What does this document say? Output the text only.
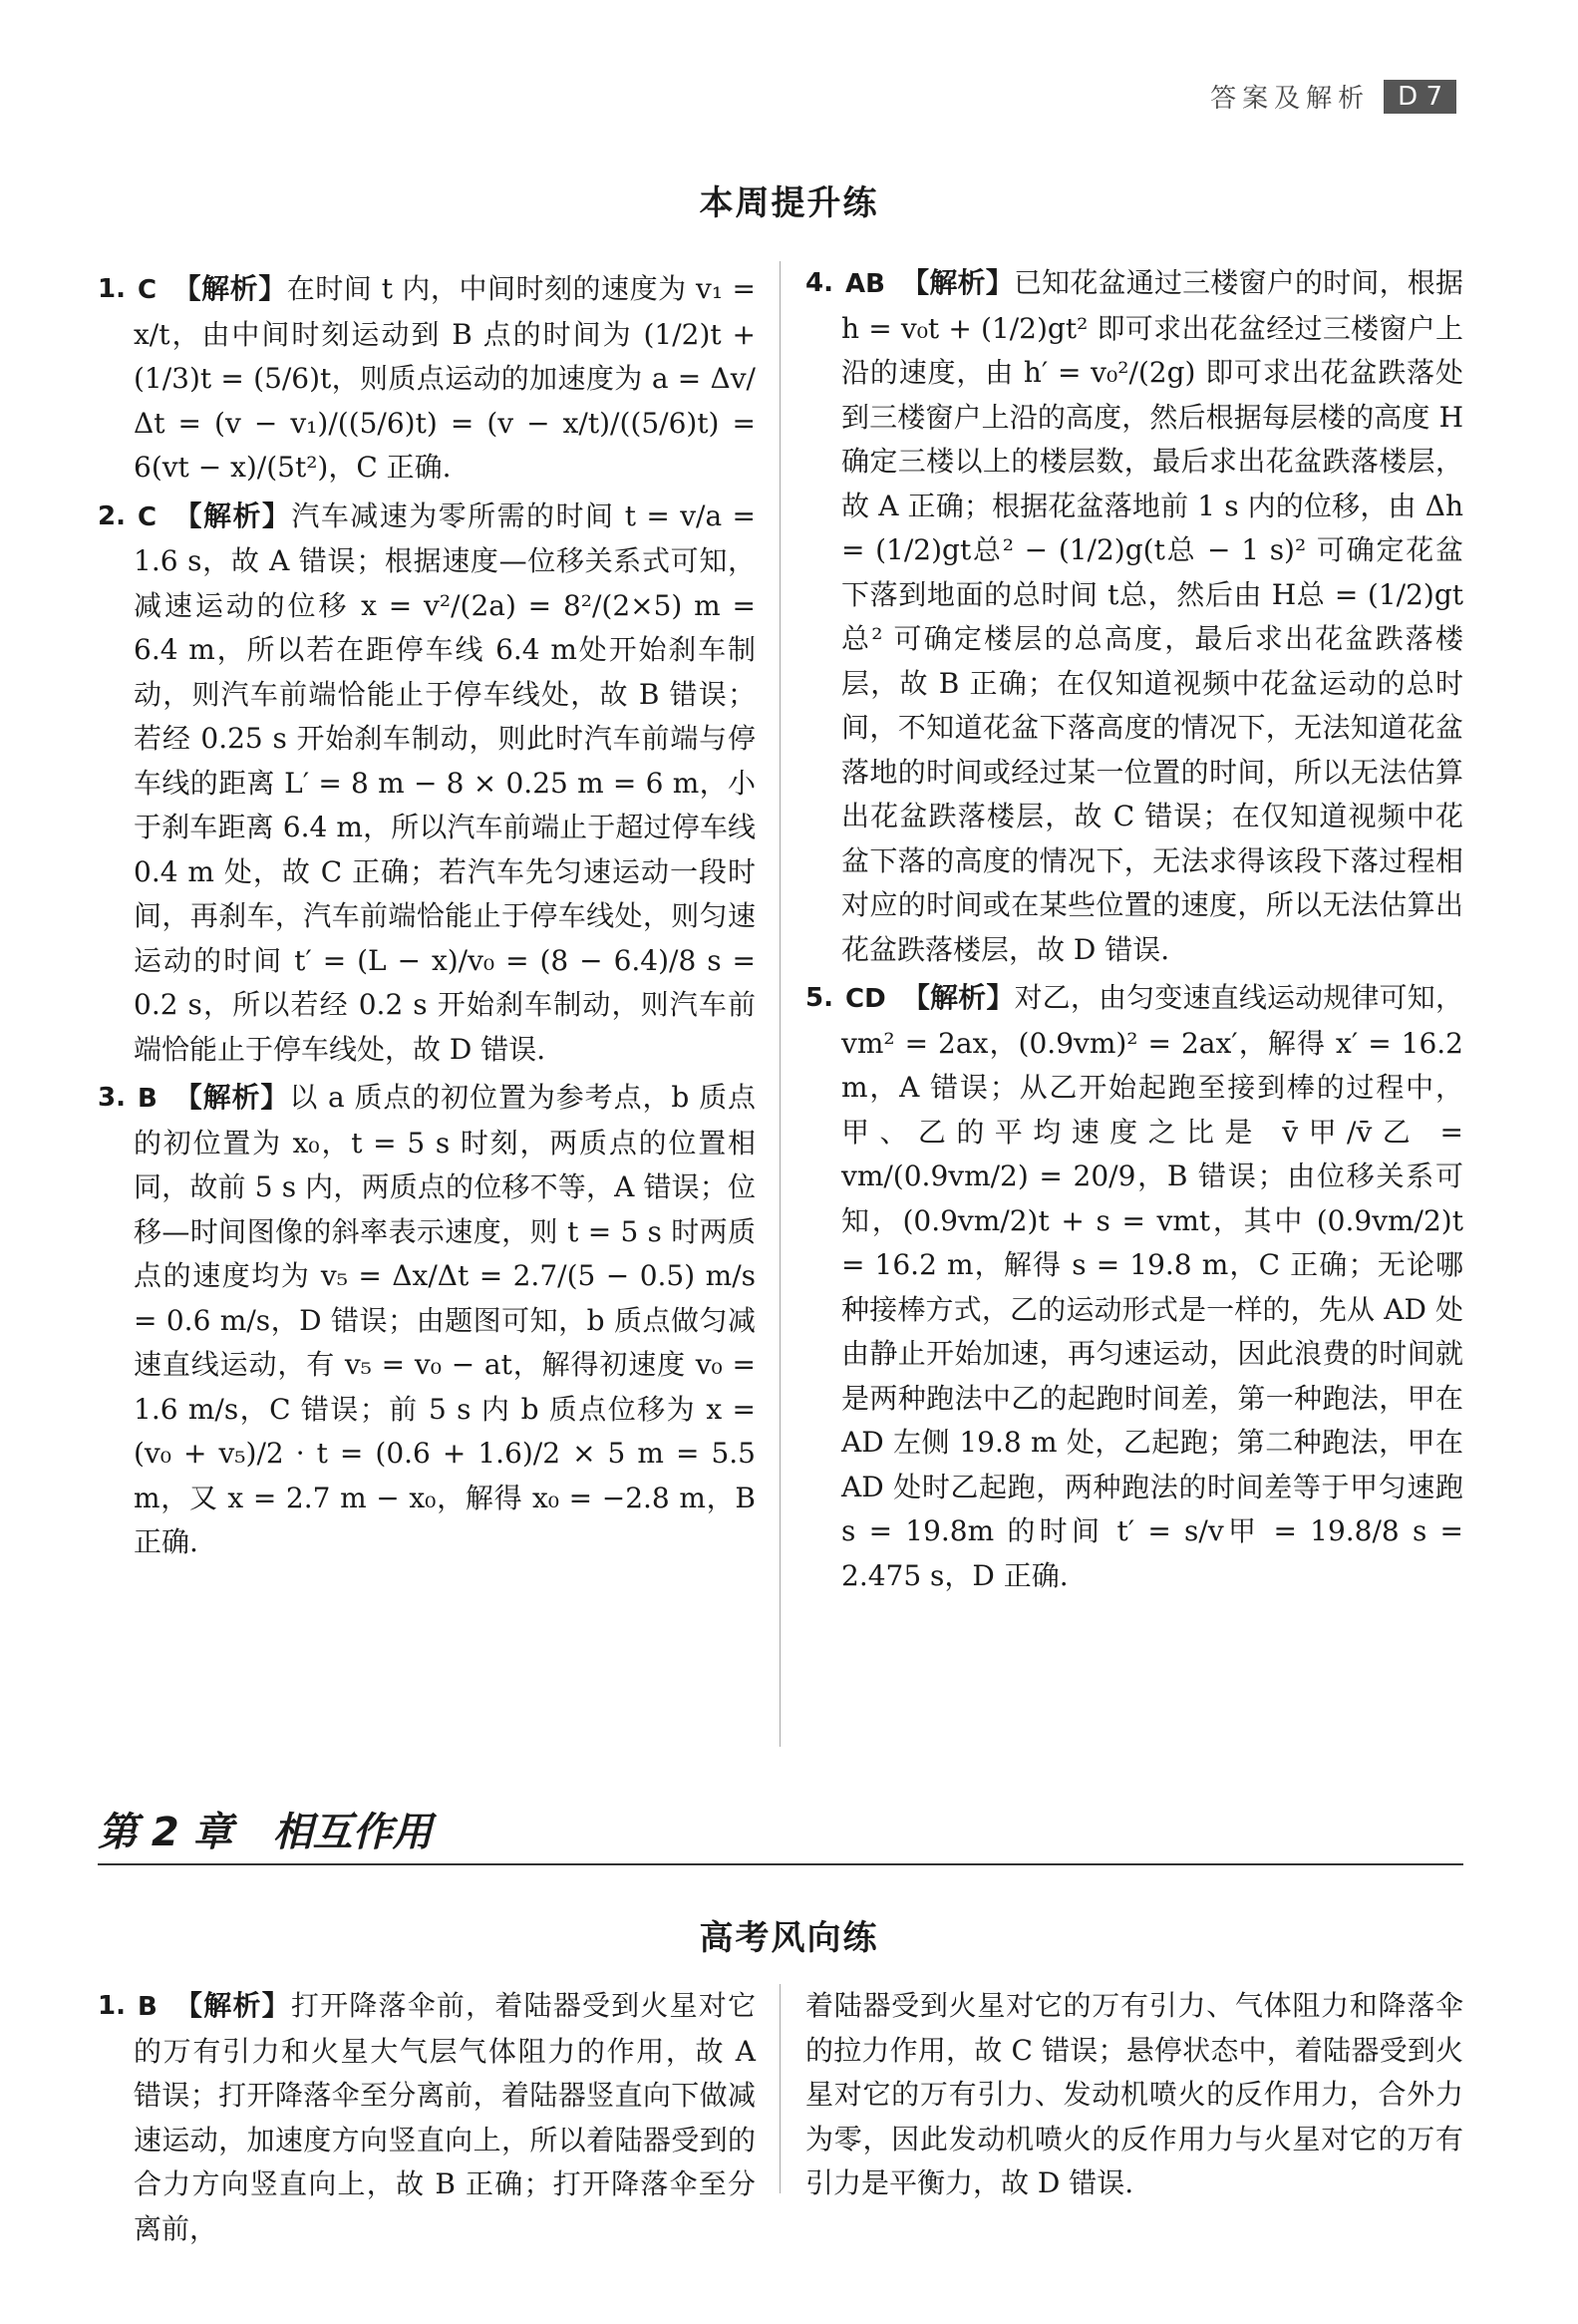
答案及解析	D 7
本周提升练
1. C 【解析】在时间 t 内，中间时刻的速度为 v₁ = x/t，由中间时刻运动到 B 点的时间为 (1/2)t + (1/3)t = (5/6)t，则质点运动的加速度为 a = Δv/Δt = (v − v₁)/((5/6)t) = (v − x/t)/((5/6)t) = 6(vt − x)/(5t²)，C 正确.
2. C 【解析】汽车减速为零所需的时间 t = v/a = 1.6 s，故 A 错误；根据速度—位移关系式可知，减速运动的位移 x = v²/(2a) = 8²/(2×5) m = 6.4 m，所以若在距停车线 6.4 m处开始刹车制动，则汽车前端恰能止于停车线处，故 B 错误；若经 0.25 s 开始刹车制动，则此时汽车前端与停车线的距离 L′ = 8 m − 8 × 0.25 m = 6 m，小于刹车距离 6.4 m，所以汽车前端止于超过停车线 0.4 m 处，故 C 正确；若汽车先匀速运动一段时间，再刹车，汽车前端恰能止于停车线处，则匀速运动的时间 t′ = (L − x)/v₀ = (8 − 6.4)/8 s = 0.2 s，所以若经 0.2 s 开始刹车制动，则汽车前端恰能止于停车线处，故 D 错误.
3. B 【解析】以 a 质点的初位置为参考点，b 质点的初位置为 x₀，t = 5 s 时刻，两质点的位置相同，故前 5 s 内，两质点的位移不等，A 错误；位移—时间图像的斜率表示速度，则 t = 5 s 时两质点的速度均为 v₅ = Δx/Δt = 2.7/(5 − 0.5) m/s = 0.6 m/s，D 错误；由题图可知，b 质点做匀减速直线运动，有 v₅ = v₀ − at，解得初速度 v₀ = 1.6 m/s，C 错误；前 5 s 内 b 质点位移为 x = (v₀ + v₅)/2 · t = (0.6 + 1.6)/2 × 5 m = 5.5 m，又 x = 2.7 m − x₀，解得 x₀ = −2.8 m，B 正确.
4. AB 【解析】已知花盆通过三楼窗户的时间，根据 h = v₀t + (1/2)gt² 即可求出花盆经过三楼窗户上沿的速度，由 h′ = v₀²/(2g) 即可求出花盆跌落处到三楼窗户上沿的高度，然后根据每层楼的高度 H 确定三楼以上的楼层数，最后求出花盆跌落楼层，故 A 正确；根据花盆落地前 1 s 内的位移，由 Δh = (1/2)gt总² − (1/2)g(t总 − 1 s)² 可确定花盆下落到地面的总时间 t总，然后由 H总 = (1/2)gt总² 可确定楼层的总高度，最后求出花盆跌落楼层，故 B 正确；在仅知道视频中花盆运动的总时间，不知道花盆下落高度的情况下，无法知道花盆落地的时间或经过某一位置的时间，所以无法估算出花盆跌落楼层，故 C 错误；在仅知道视频中花盆下落的高度的情况下，无法求得该段下落过程相对应的时间或在某些位置的速度，所以无法估算出花盆跌落楼层，故 D 错误.
5. CD 【解析】对乙，由匀变速直线运动规律可知，vm² = 2ax，(0.9vm)² = 2ax′，解得 x′ = 16.2 m，A 错误；从乙开始起跑至接到棒的过程中，甲、乙的平均速度之比是 v̄甲/v̄乙 = vm/(0.9vm/2) = 20/9，B 错误；由位移关系可知，(0.9vm/2)t + s = vmt，其中 (0.9vm/2)t = 16.2 m，解得 s = 19.8 m，C 正确；无论哪种接棒方式，乙的运动形式是一样的，先从 AD 处由静止开始加速，再匀速运动，因此浪费的时间就是两种跑法中乙的起跑时间差，第一种跑法，甲在 AD 左侧 19.8 m 处，乙起跑；第二种跑法，甲在 AD 处时乙起跑，两种跑法的时间差等于甲匀速跑 s = 19.8m 的时间 t′ = s/v甲 = 19.8/8 s = 2.475 s，D 正确.
第 2 章　相互作用
高考风向练
1. B 【解析】打开降落伞前，着陆器受到火星对它的万有引力和火星大气层气体阻力的作用，故 A 错误；打开降落伞至分离前，着陆器竖直向下做减速运动，加速度方向竖直向上，所以着陆器受到的合力方向竖直向上，故 B 正确；打开降落伞至分离前，
着陆器受到火星对它的万有引力、气体阻力和降落伞的拉力作用，故 C 错误；悬停状态中，着陆器受到火星对它的万有引力、发动机喷火的反作用力，合外力为零，因此发动机喷火的反作用力与火星对它的万有引力是平衡力，故 D 错误.
